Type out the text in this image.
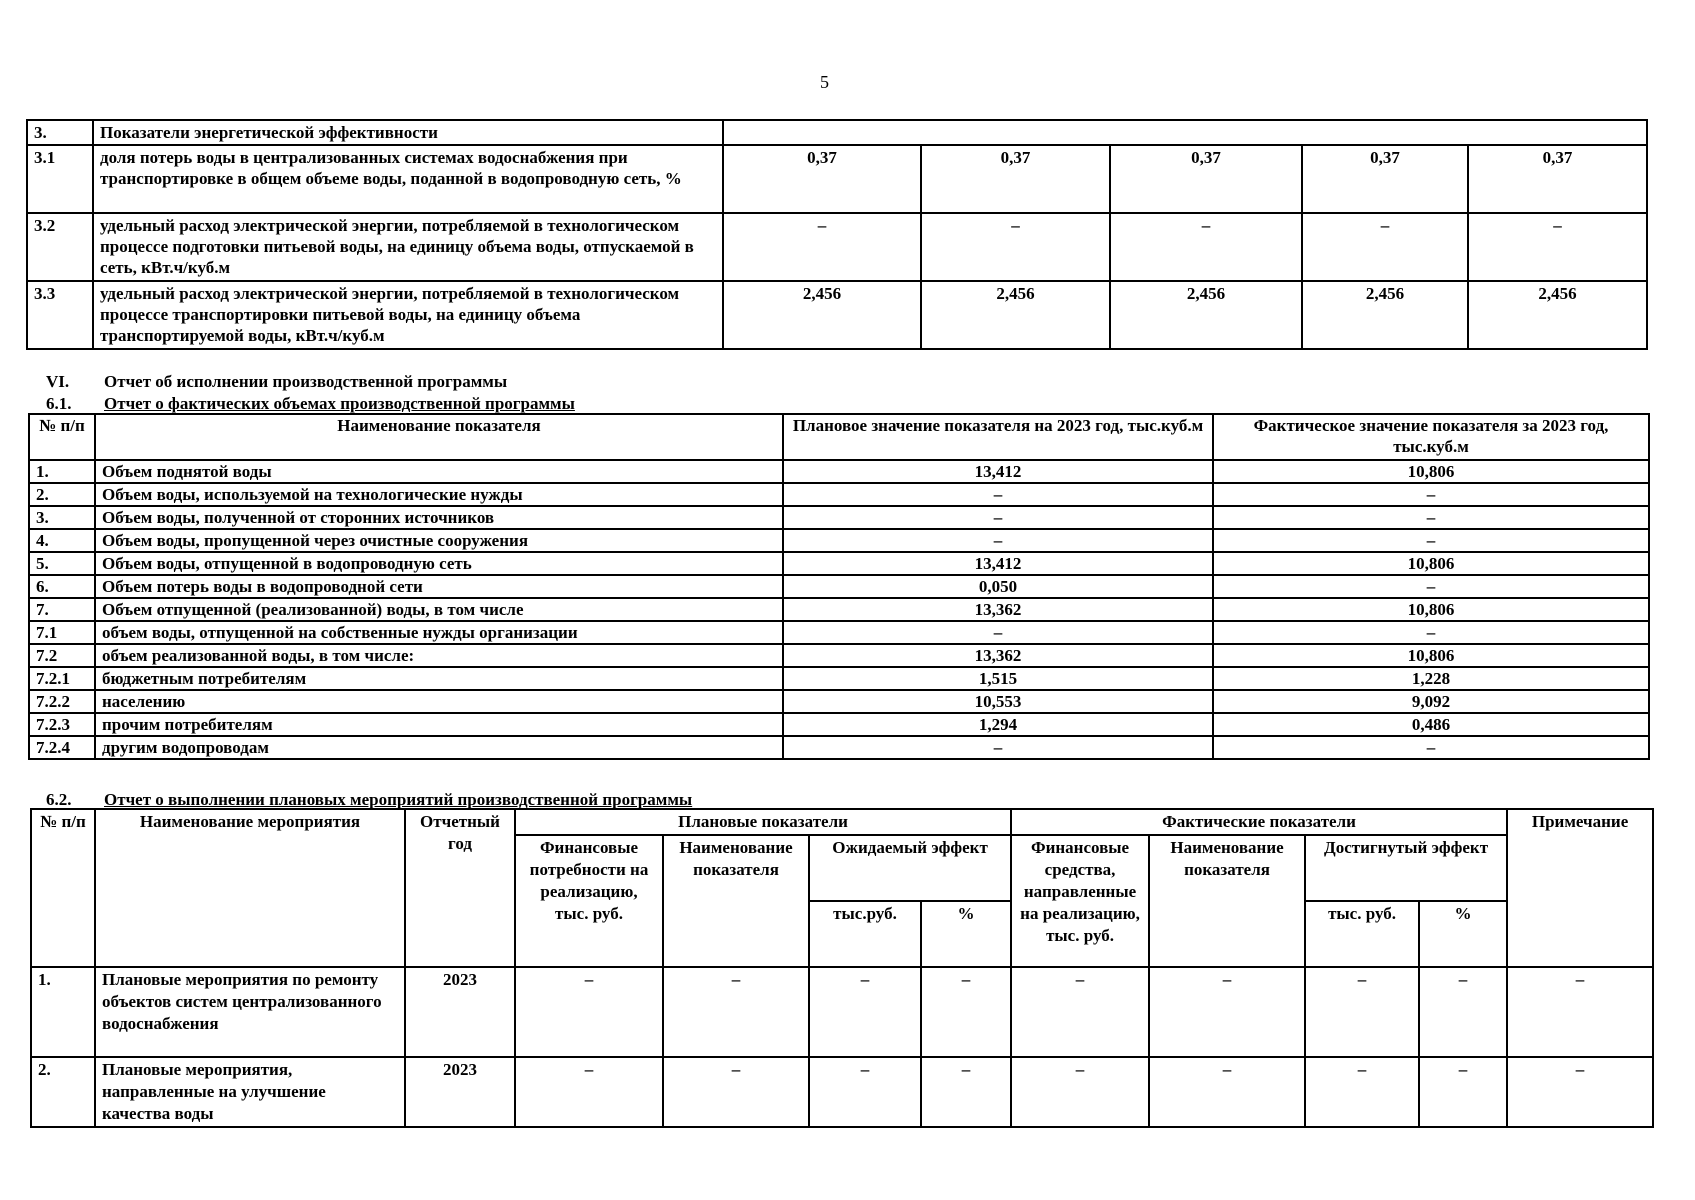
5
3.	Показатели энергетической эффективности					
3.1	доля потерь воды в централизованных системах водоснабжения при транспортировке в общем объеме воды, поданной в водопроводную сеть, %	0,37	0,37	0,37	0,37	0,37
3.2	удельный расход электрической энергии, потребляемой в технологическом процессе подготовки питьевой воды, на единицу объема воды, отпускаемой в сеть, кВт.ч/куб.м	–	–	–	–	–
3.3	удельный расход электрической энергии, потребляемой в технологическом процессе транспортировки питьевой воды, на единицу объема транспортируемой воды, кВт.ч/куб.м	2,456	2,456	2,456	2,456	2,456
VI. Отчет об исполнении производственной программы
6.1. Отчет о фактических объемах производственной программы
№ п/п	Наименование показателя	Плановое значение показателя на 2023 год, тыс.куб.м	Фактическое значение показателя за 2023 год, тыс.куб.м
1.	Объем поднятой воды	13,412	10,806
2.	Объем воды, используемой на технологические нужды	–	–
3.	Объем воды, полученной от сторонних источников	–	–
4.	Объем воды, пропущенной через очистные сооружения	–	–
5.	Объем воды, отпущенной в водопроводную сеть	13,412	10,806
6.	Объем потерь воды в водопроводной сети	0,050	–
7.	Объем отпущенной (реализованной) воды, в том числе	13,362	10,806
7.1	объем воды, отпущенной на собственные нужды организации	–	–
7.2	объем реализованной воды, в том числе:	13,362	10,806
7.2.1	бюджетным потребителям	1,515	1,228
7.2.2	населению	10,553	9,092
7.2.3	прочим потребителям	1,294	0,486
7.2.4	другим водопроводам	–	–
6.2. Отчет о выполнении плановых мероприятий производственной программы
№ п/п	Наименование мероприятия	Отчетный год	Плановые показатели				Фактические показатели				Примечание
			Финансовые потребности на реализацию, тыс. руб.	Наименование показателя	Ожидаемый эффект		Финансовые средства, направленные на реализацию, тыс. руб.	Наименование показателя	Достигнутый эффект		
					тыс.руб.	%			тыс. руб.	%	
1.	Плановые мероприятия по ремонту объектов систем централизованного водоснабжения	2023	–	–	–	–	–	–	–	–	–
2.	Плановые мероприятия, направленные на улучшение качества воды	2023	–	–	–	–	–	–	–	–	–
